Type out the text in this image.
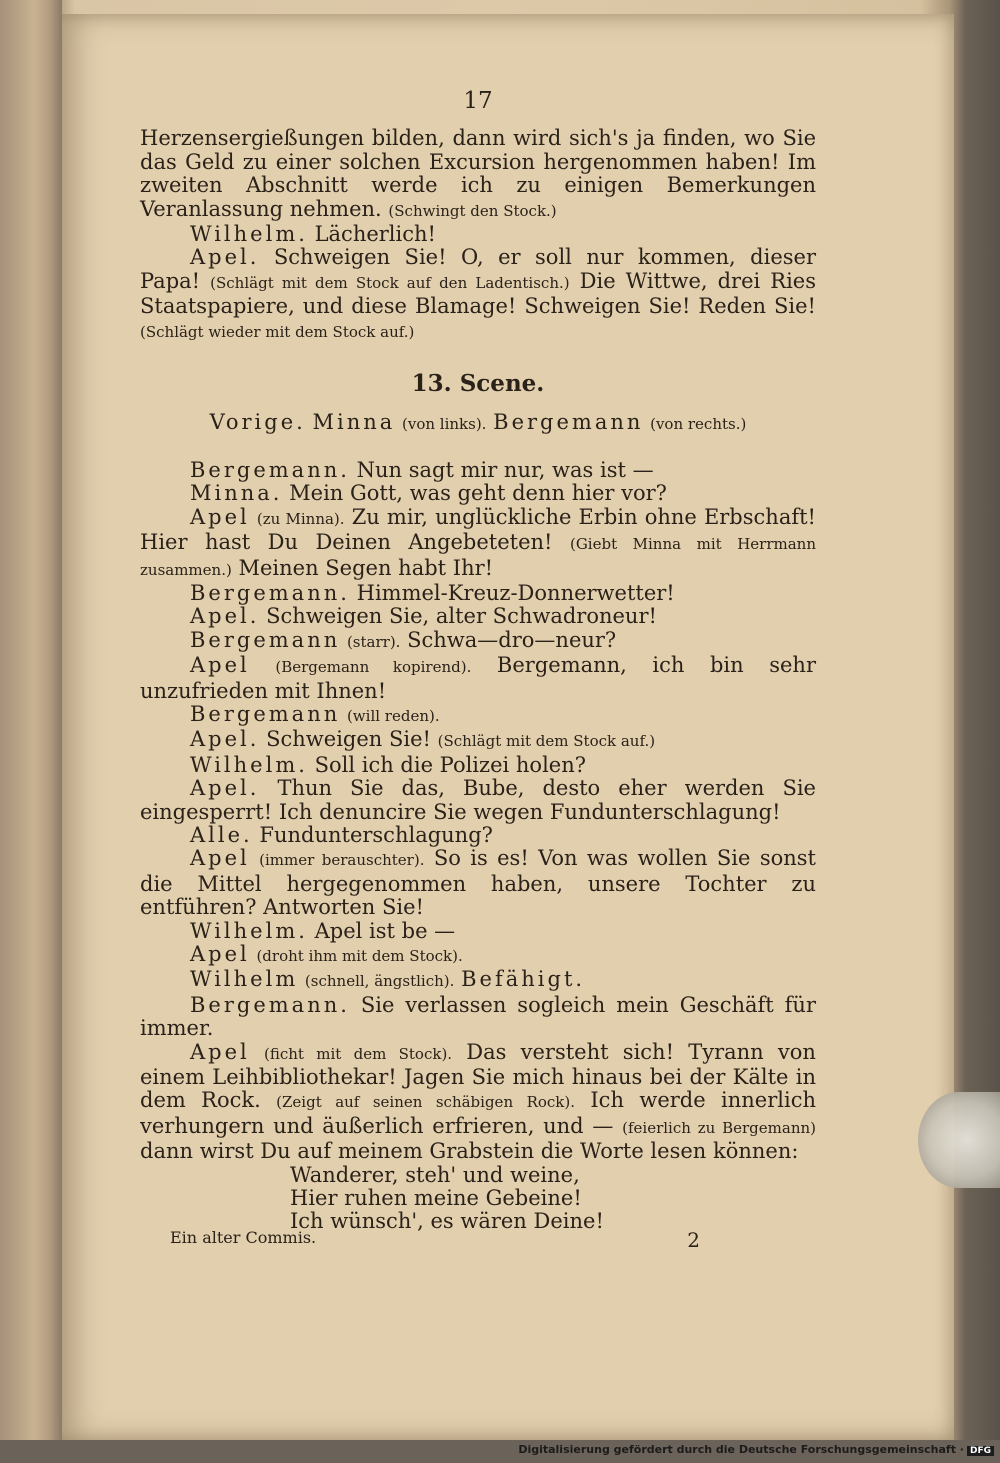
17

Herzensergießungen bilden, dann wird sich's ja finden, wo Sie das Geld zu einer solchen Excursion hergenommen haben! Im zweiten Abschnitt werde ich zu einigen Bemerkungen Veranlassung nehmen. (Schwingt den Stock.)

Wilhelm. Lächerlich!

Apel. Schweigen Sie! O, er soll nur kommen, dieser Papa! (Schlägt mit dem Stock auf den Ladentisch.) Die Wittwe, drei Ries Staatspapiere, und diese Blamage! Schweigen Sie! Reden Sie! (Schlägt wieder mit dem Stock auf.)

13. Scene.
Vorige. Minna (von links). Bergemann (von rechts.)

Bergemann. Nun sagt mir nur, was ist —

Minna. Mein Gott, was geht denn hier vor?

Apel (zu Minna). Zu mir, unglückliche Erbin ohne Erbschaft! Hier hast Du Deinen Angebeteten! (Giebt Minna mit Herrmann zusammen.) Meinen Segen habt Ihr!

Bergemann. Himmel-Kreuz-Donnerwetter!

Apel. Schweigen Sie, alter Schwadroneur!

Bergemann (starr). Schwa—dro—neur?

Apel (Bergemann kopirend). Bergemann, ich bin sehr unzufrieden mit Ihnen!

Bergemann (will reden).

Apel. Schweigen Sie! (Schlägt mit dem Stock auf.)

Wilhelm. Soll ich die Polizei holen?

Apel. Thun Sie das, Bube, desto eher werden Sie eingesperrt! Ich denuncire Sie wegen Fundunterschlagung!

Alle. Fundunterschlagung?

Apel (immer berauschter). So is es! Von was wollen Sie sonst die Mittel hergegenommen haben, unsere Tochter zu entführen? Antworten Sie!

Wilhelm. Apel ist be —

Apel (droht ihm mit dem Stock).

Wilhelm (schnell, ängstlich). Befähigt.

Bergemann. Sie verlassen sogleich mein Geschäft für immer.

Apel (ficht mit dem Stock). Das versteht sich! Tyrann von einem Leihbibliothekar! Jagen Sie mich hinaus bei der Kälte in dem Rock. (Zeigt auf seinen schäbigen Rock). Ich werde innerlich verhungern und äußerlich erfrieren, und — (feierlich zu Bergemann) dann wirst Du auf meinem Grabstein die Worte lesen können:

Wanderer, steh' und weine,
Hier ruhen meine Gebeine!
Ich wünsch', es wären Deine!
Ein alter Commis.	2
Digitalisierung gefördert durch die Deutsche Forschungsgemeinschaft · DFG
